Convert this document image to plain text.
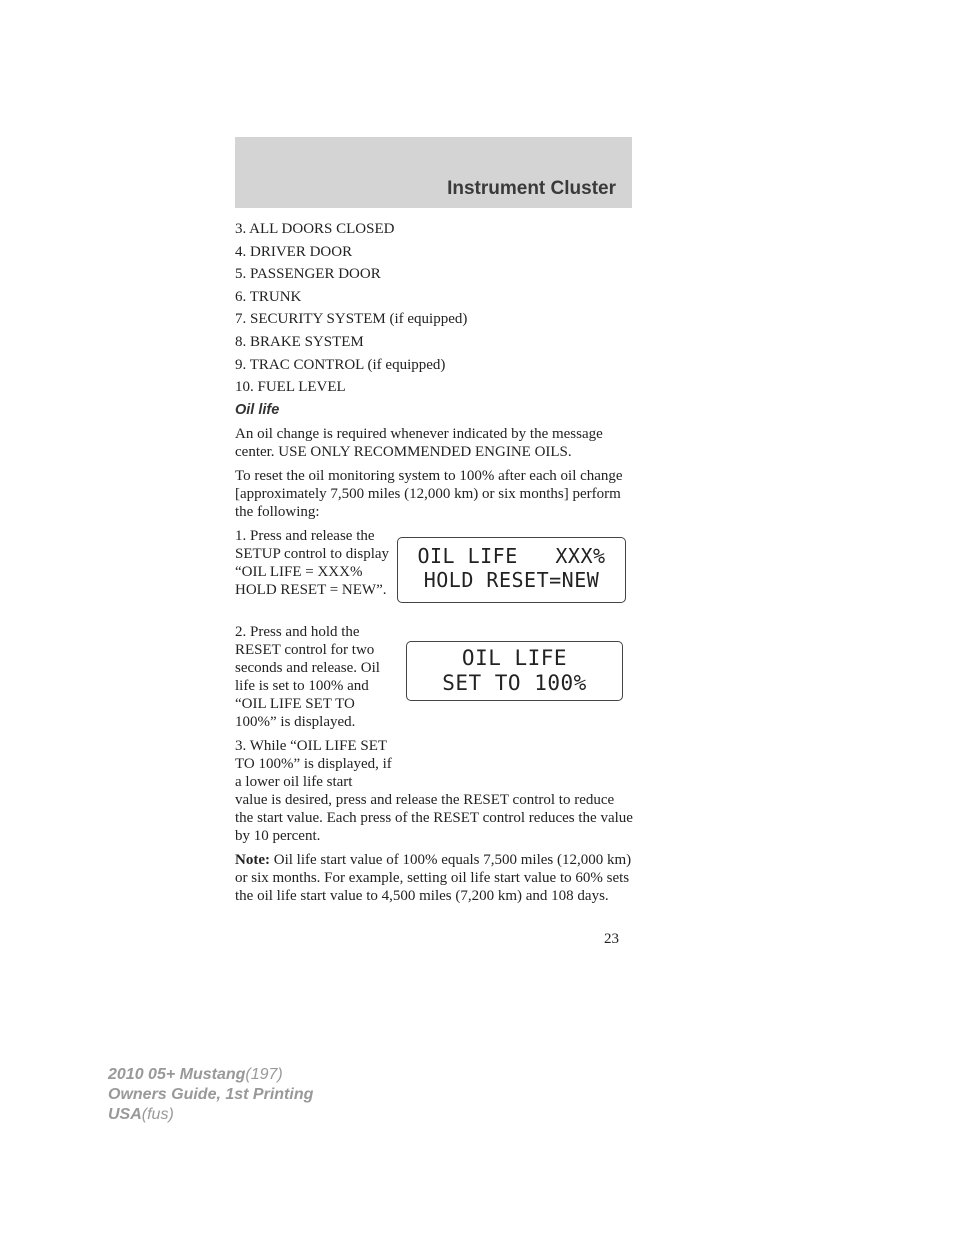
Instrument Cluster
3. ALL DOORS CLOSED
4. DRIVER DOOR
5. PASSENGER DOOR
6. TRUNK
7. SECURITY SYSTEM (if equipped)
8. BRAKE SYSTEM
9. TRAC CONTROL (if equipped)
10. FUEL LEVEL
Oil life
An oil change is required whenever indicated by the message center. USE ONLY RECOMMENDED ENGINE OILS.
To reset the oil monitoring system to 100% after each oil change [approximately 7,500 miles (12,000 km) or six months] perform the following:
1. Press and release the SETUP control to display “OIL LIFE = XXX% HOLD RESET = NEW”.
2. Press and hold the RESET control for two seconds and release. Oil life is set to 100% and “OIL LIFE SET TO 100%” is displayed.
3. While “OIL LIFE SET TO 100%” is displayed, if a lower oil life start
value is desired, press and release the RESET control to reduce the start value. Each press of the RESET control reduces the value by 10 percent.
Note: Oil life start value of 100% equals 7,500 miles (12,000 km) or six months. For example, setting oil life start value to 60% sets the oil life start value to 4,500 miles (7,200 km) and 108 days.
OIL LIFE   XXX%
HOLD RESET=NEW
OIL LIFE
SET TO 100%
23
2010 05+ Mustang(197)
Owners Guide, 1st Printing
USA(fus)
